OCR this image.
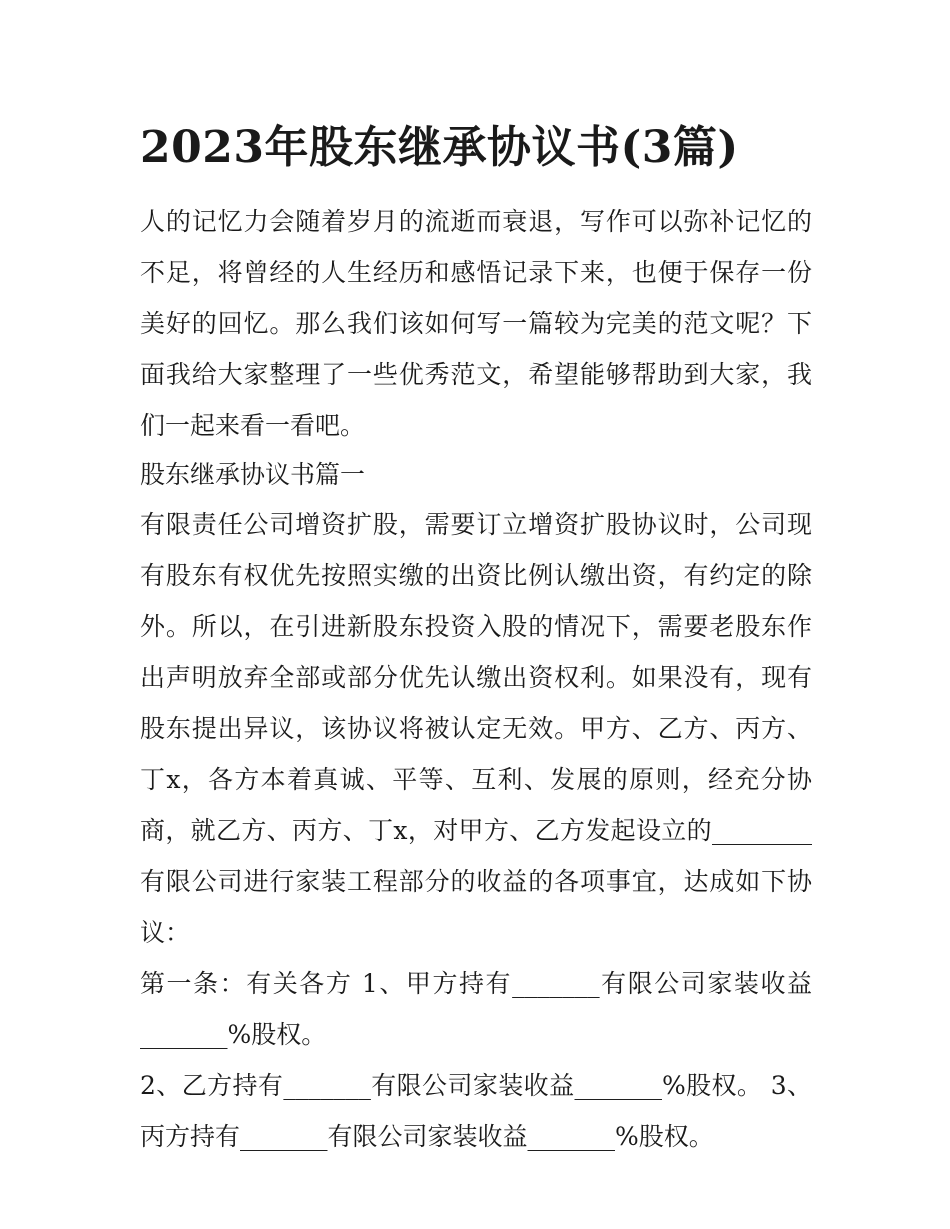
2023年股东继承协议书(3篇)

人的记忆力会随着岁月的流逝而衰退，写作可以弥补记忆的不足，将曾经的人生经历和感悟记录下来，也便于保存一份美好的回忆。那么我们该如何写一篇较为完美的范文呢？下面我给大家整理了一些优秀范文，希望能够帮助到大家，我们一起来看一看吧。

股东继承协议书篇一

有限责任公司增资扩股，需要订立增资扩股协议时，公司现有股东有权优先按照实缴的出资比例认缴出资，有约定的除外。所以，在引进新股东投资入股的情况下，需要老股东作出声明放弃全部或部分优先认缴出资权利。如果没有，现有股东提出异议，该协议将被认定无效。甲方、乙方、丙方、丁x，各方本着真诚、平等、互利、发展的原则，经充分协商，就乙方、丙方、丁x，对甲方、乙方发起设立的________有限公司进行家装工程部分的收益的各项事宜，达成如下协议：

第一条：有关各方 1、甲方持有_______有限公司家装收益_______%股权。

2、乙方持有_______有限公司家装收益_______%股权。 3、丙方持有_______有限公司家装收益_______%股权。
